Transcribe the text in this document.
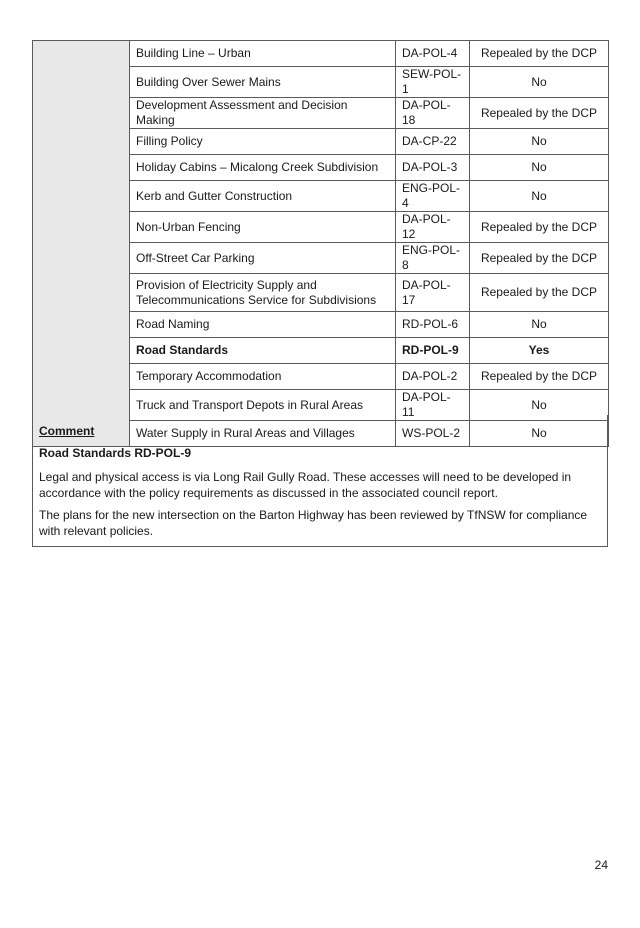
	Building Line – Urban	DA-POL-4	Repealed by the DCP
	Building Over Sewer Mains	SEW-POL-1	No
	Development Assessment and Decision Making	DA-POL-18	Repealed by the DCP
	Filling Policy	DA-CP-22	No
	Holiday Cabins – Micalong Creek Subdivision	DA-POL-3	No
	Kerb and Gutter Construction	ENG-POL-4	No
	Non-Urban Fencing	DA-POL-12	Repealed by the DCP
	Off-Street Car Parking	ENG-POL-8	Repealed by the DCP
	Provision of Electricity Supply and Telecommunications Service for Subdivisions	DA-POL-17	Repealed by the DCP
	Road Naming	RD-POL-6	No
	Road Standards	RD-POL-9	Yes
	Temporary Accommodation	DA-POL-2	Repealed by the DCP
	Truck and Transport Depots in Rural Areas	DA-POL-11	No
	Water Supply in Rural Areas and Villages	WS-POL-2	No

Comment

Road Standards RD-POL-9

Legal and physical access is via Long Rail Gully Road. These accesses will need to be developed in accordance with the policy requirements as discussed in the associated council report.

The plans for the new intersection on the Barton Highway has been reviewed by TfNSW for compliance with relevant policies.

24
